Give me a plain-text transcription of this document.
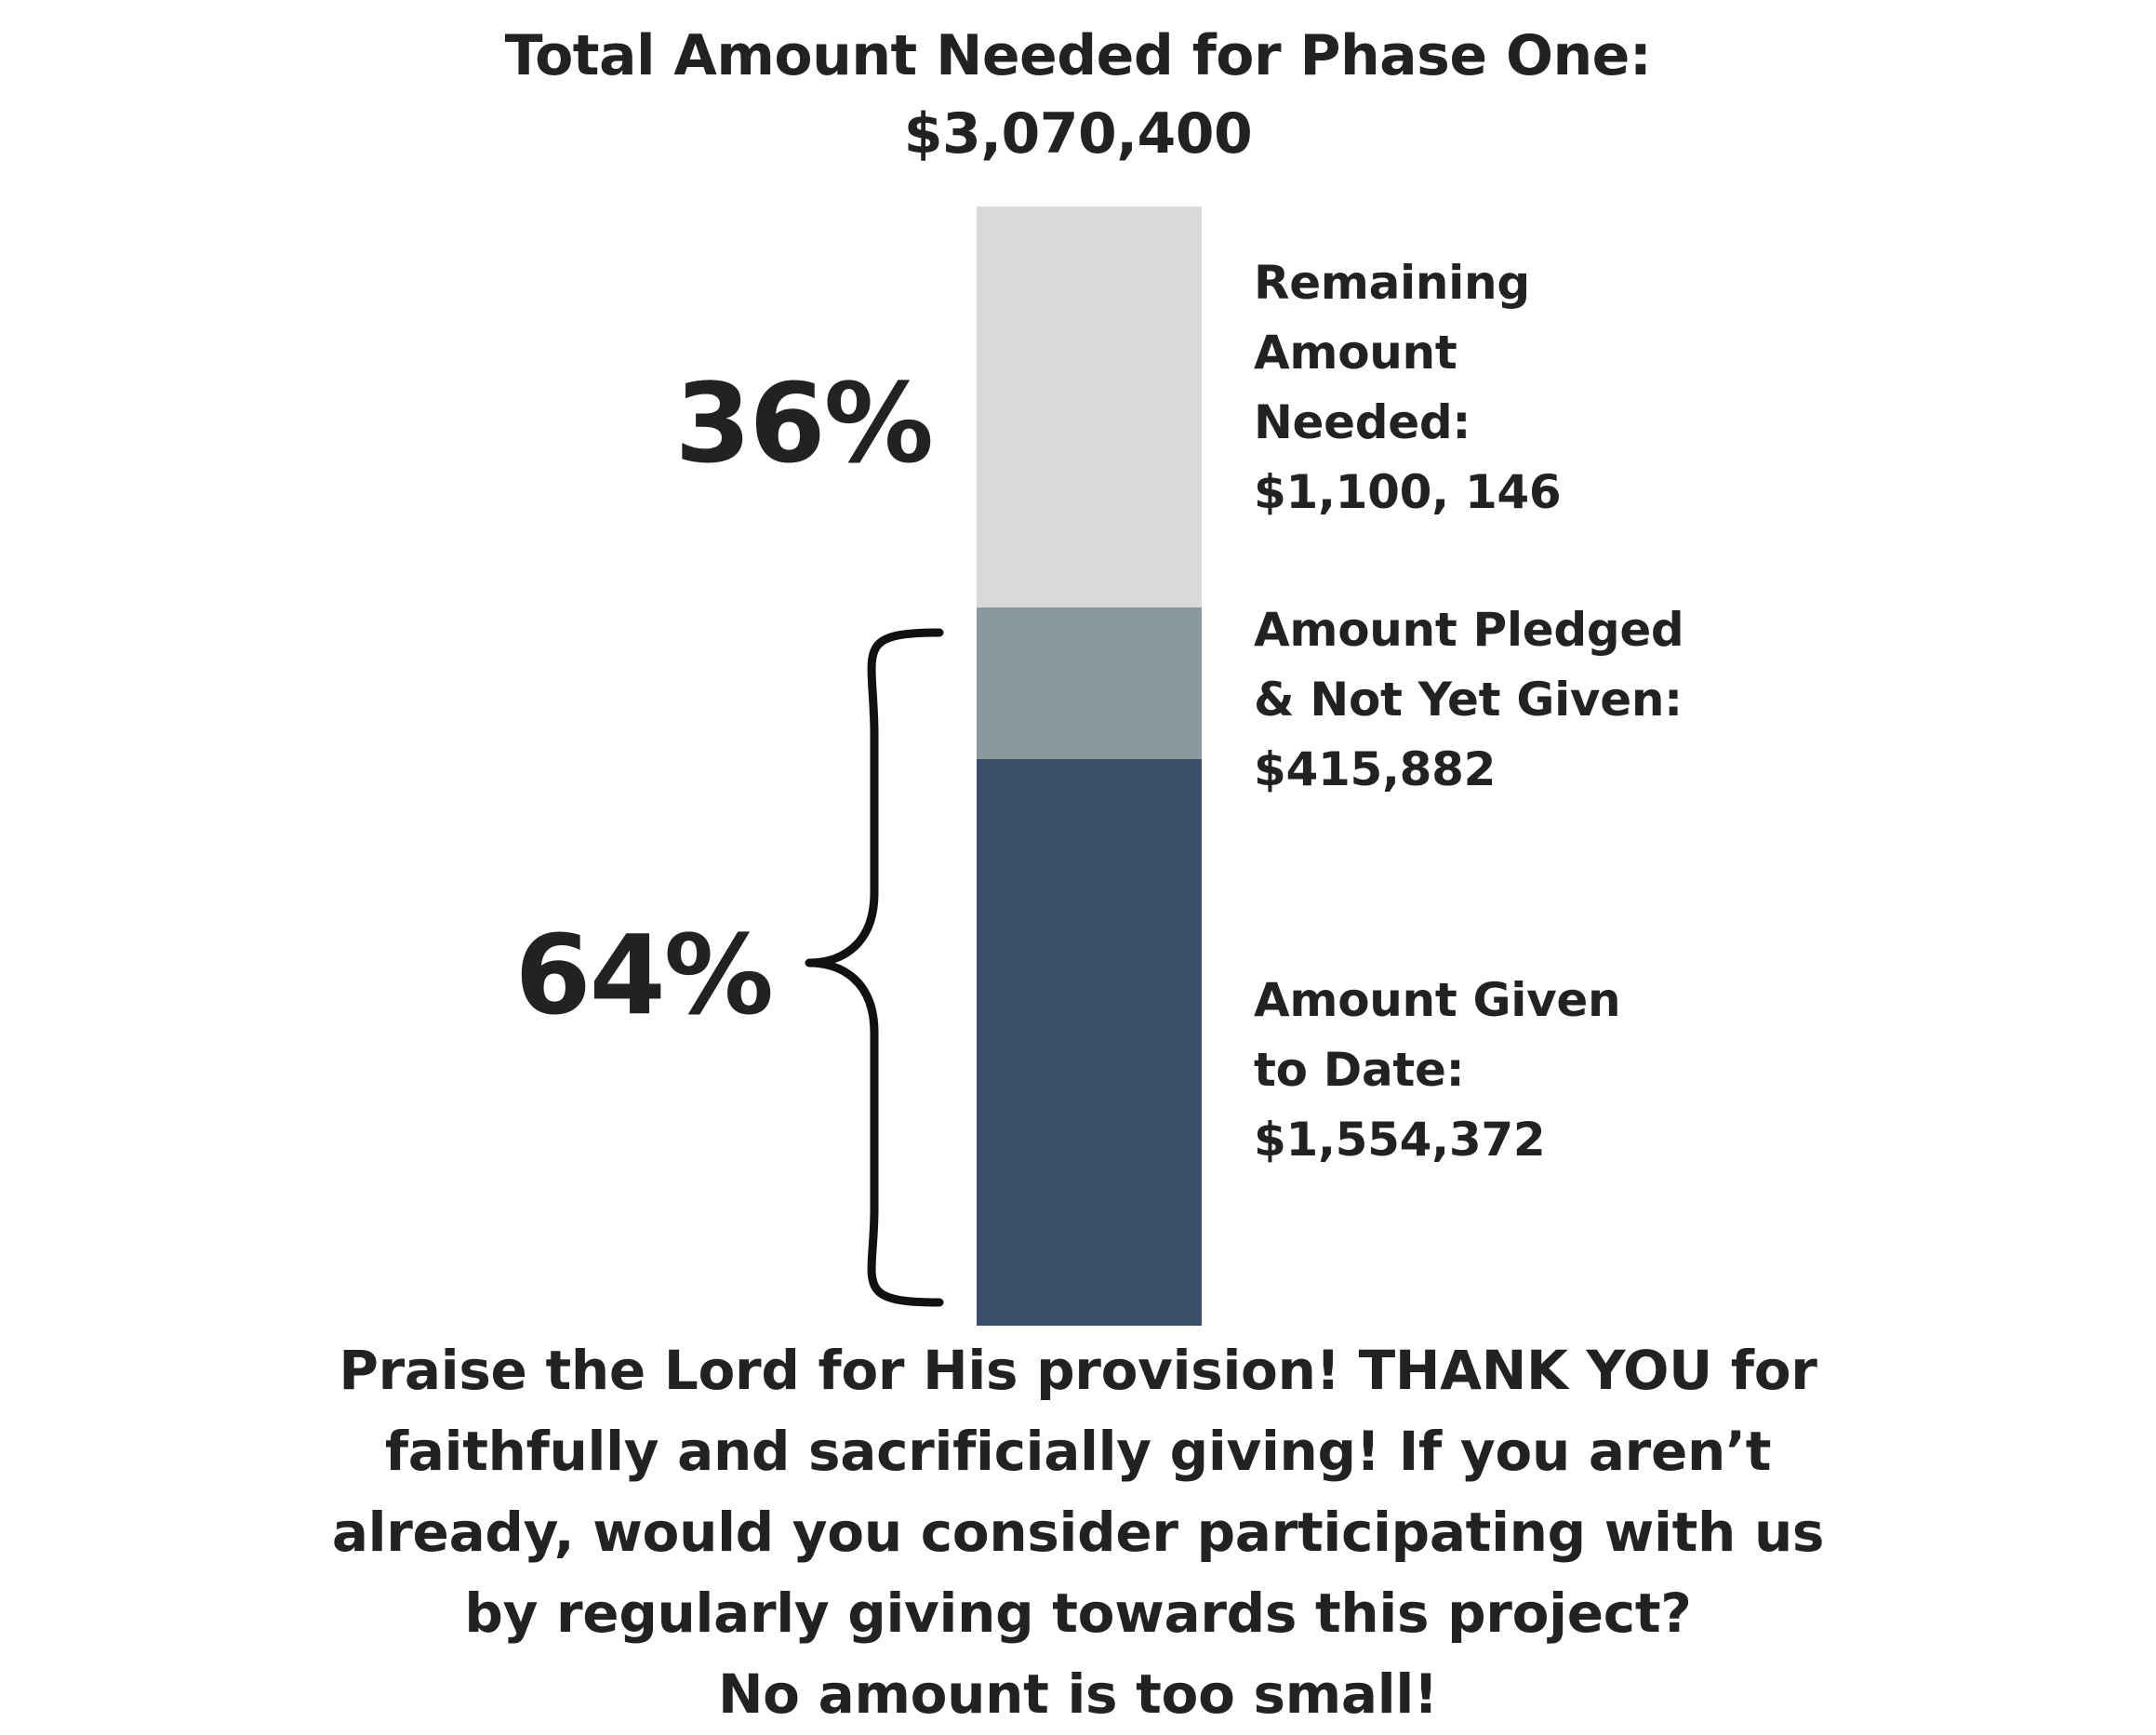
Total Amount Needed for Phase One:
$3,070,400
36%
64%
Remaining
Amount
Needed:
$1,100, 146
Amount Pledged
& Not Yet Given:
$415,882
Amount Given
to Date:
$1,554,372
Praise the Lord for His provision! THANK YOU for
faithfully and sacrificially giving! If you aren’t
already, would you consider participating with us
by regularly giving towards this project?
No amount is too small!
